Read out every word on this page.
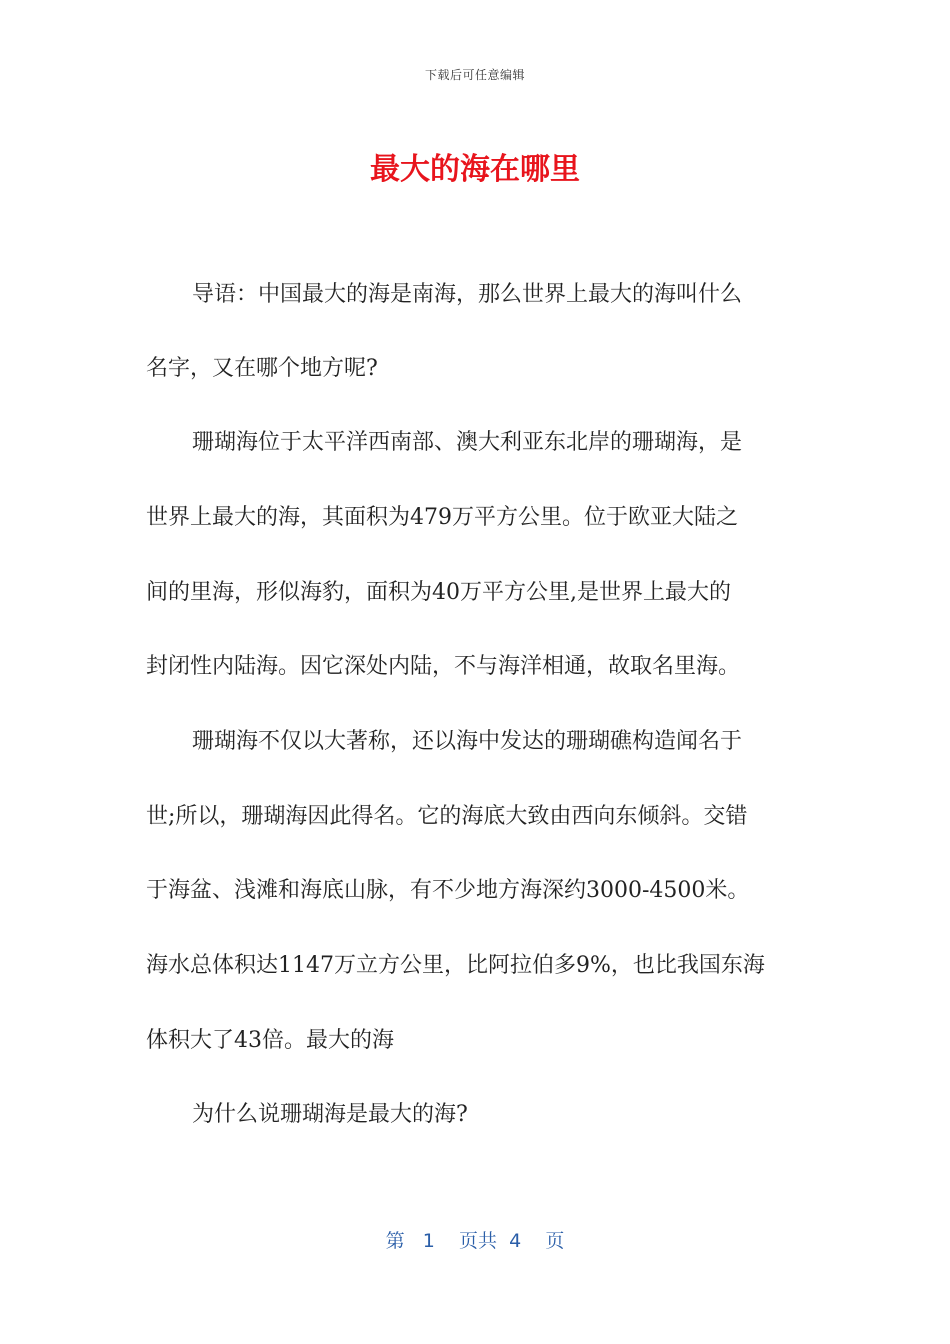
下载后可任意编辑
最大的海在哪里
导语：中国最大的海是南海，那么世界上最大的海叫什么
名字，又在哪个地方呢?
珊瑚海位于太平洋西南部、澳大利亚东北岸的珊瑚海，是
世界上最大的海，其面积为479万平方公里。位于欧亚大陆之
间的里海，形似海豹，面积为40万平方公里,是世界上最大的
封闭性内陆海。因它深处内陆，不与海洋相通，故取名里海。
珊瑚海不仅以大著称，还以海中发达的珊瑚礁构造闻名于
世;所以，珊瑚海因此得名。它的海底大致由西向东倾斜。交错
于海盆、浅滩和海底山脉，有不少地方海深约3000-4500米。
海水总体积达1147万立方公里，比阿拉伯多9%，也比我国东海
体积大了43倍。最大的海
为什么说珊瑚海是最大的海?
第 1 页共 4 页
